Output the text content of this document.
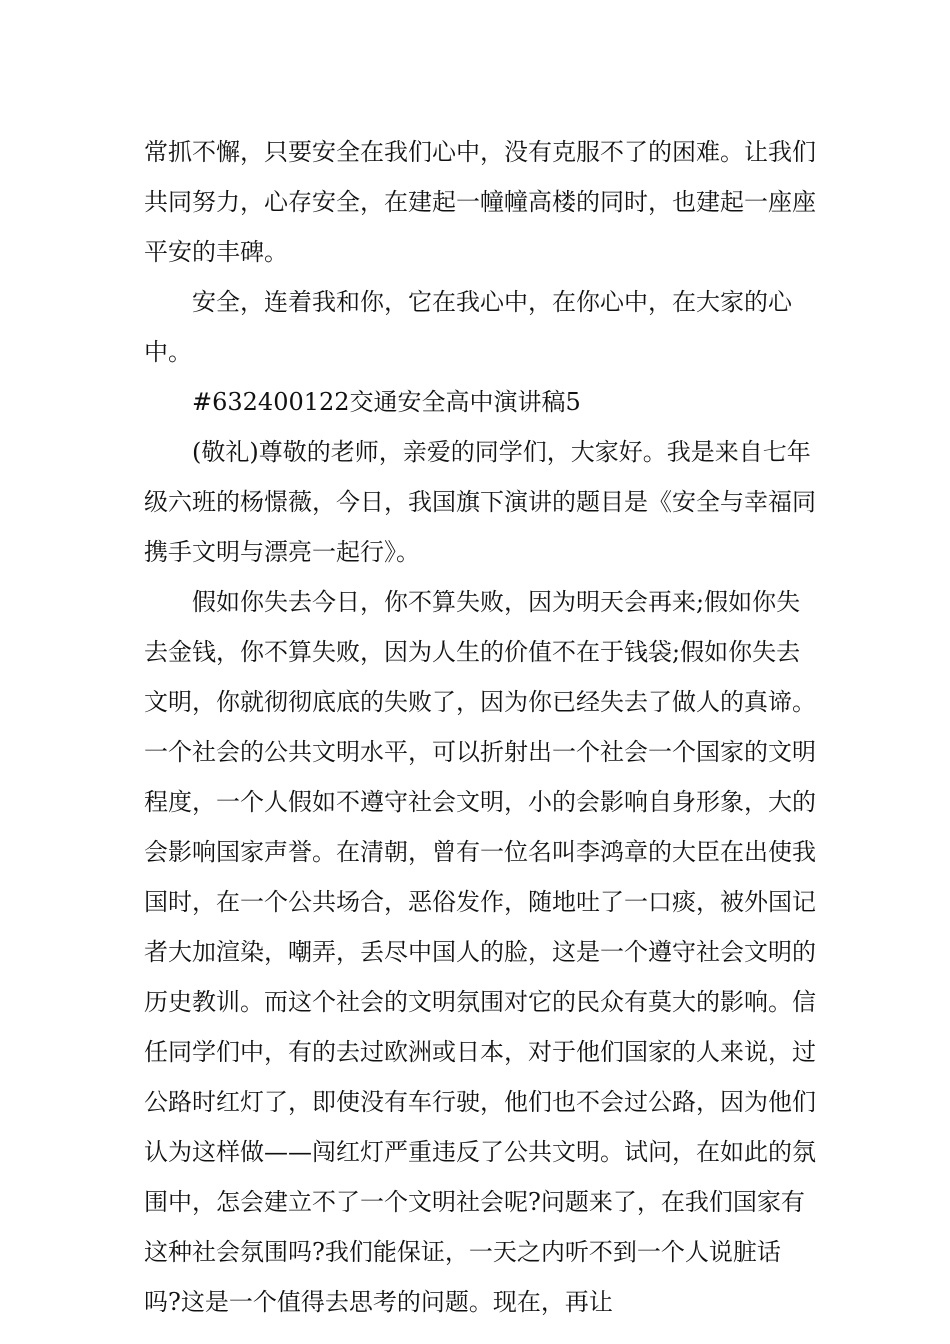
常抓不懈，只要安全在我们心中，没有克服不了的困难。让我们共同努力，心存安全，在建起一幢幢高楼的同时，也建起一座座平安的丰碑。

安全，连着我和你，它在我心中，在你心中，在大家的心中。

#632400122交通安全高中演讲稿5

(敬礼)尊敬的老师，亲爱的同学们，大家好。我是来自七年级六班的杨憬薇，今日，我国旗下演讲的题目是《安全与幸福同携手文明与漂亮一起行》。

假如你失去今日，你不算失败，因为明天会再来;假如你失去金钱，你不算失败，因为人生的价值不在于钱袋;假如你失去文明，你就彻彻底底的失败了，因为你已经失去了做人的真谛。一个社会的公共文明水平，可以折射出一个社会一个国家的文明程度，一个人假如不遵守社会文明，小的会影响自身形象，大的会影响国家声誉。在清朝，曾有一位名叫李鸿章的大臣在出使我国时，在一个公共场合，恶俗发作，随地吐了一口痰，被外国记者大加渲染，嘲弄，丢尽中国人的脸，这是一个遵守社会文明的历史教训。而这个社会的文明氛围对它的民众有莫大的影响。信任同学们中，有的去过欧洲或日本，对于他们国家的人来说，过公路时红灯了，即使没有车行驶，他们也不会过公路，因为他们认为这样做——闯红灯严重违反了公共文明。试问，在如此的氛围中，怎会建立不了一个文明社会呢?问题来了，在我们国家有这种社会氛围吗?我们能保证，一天之内听不到一个人说脏话吗?这是一个值得去思考的问题。现在，再让
